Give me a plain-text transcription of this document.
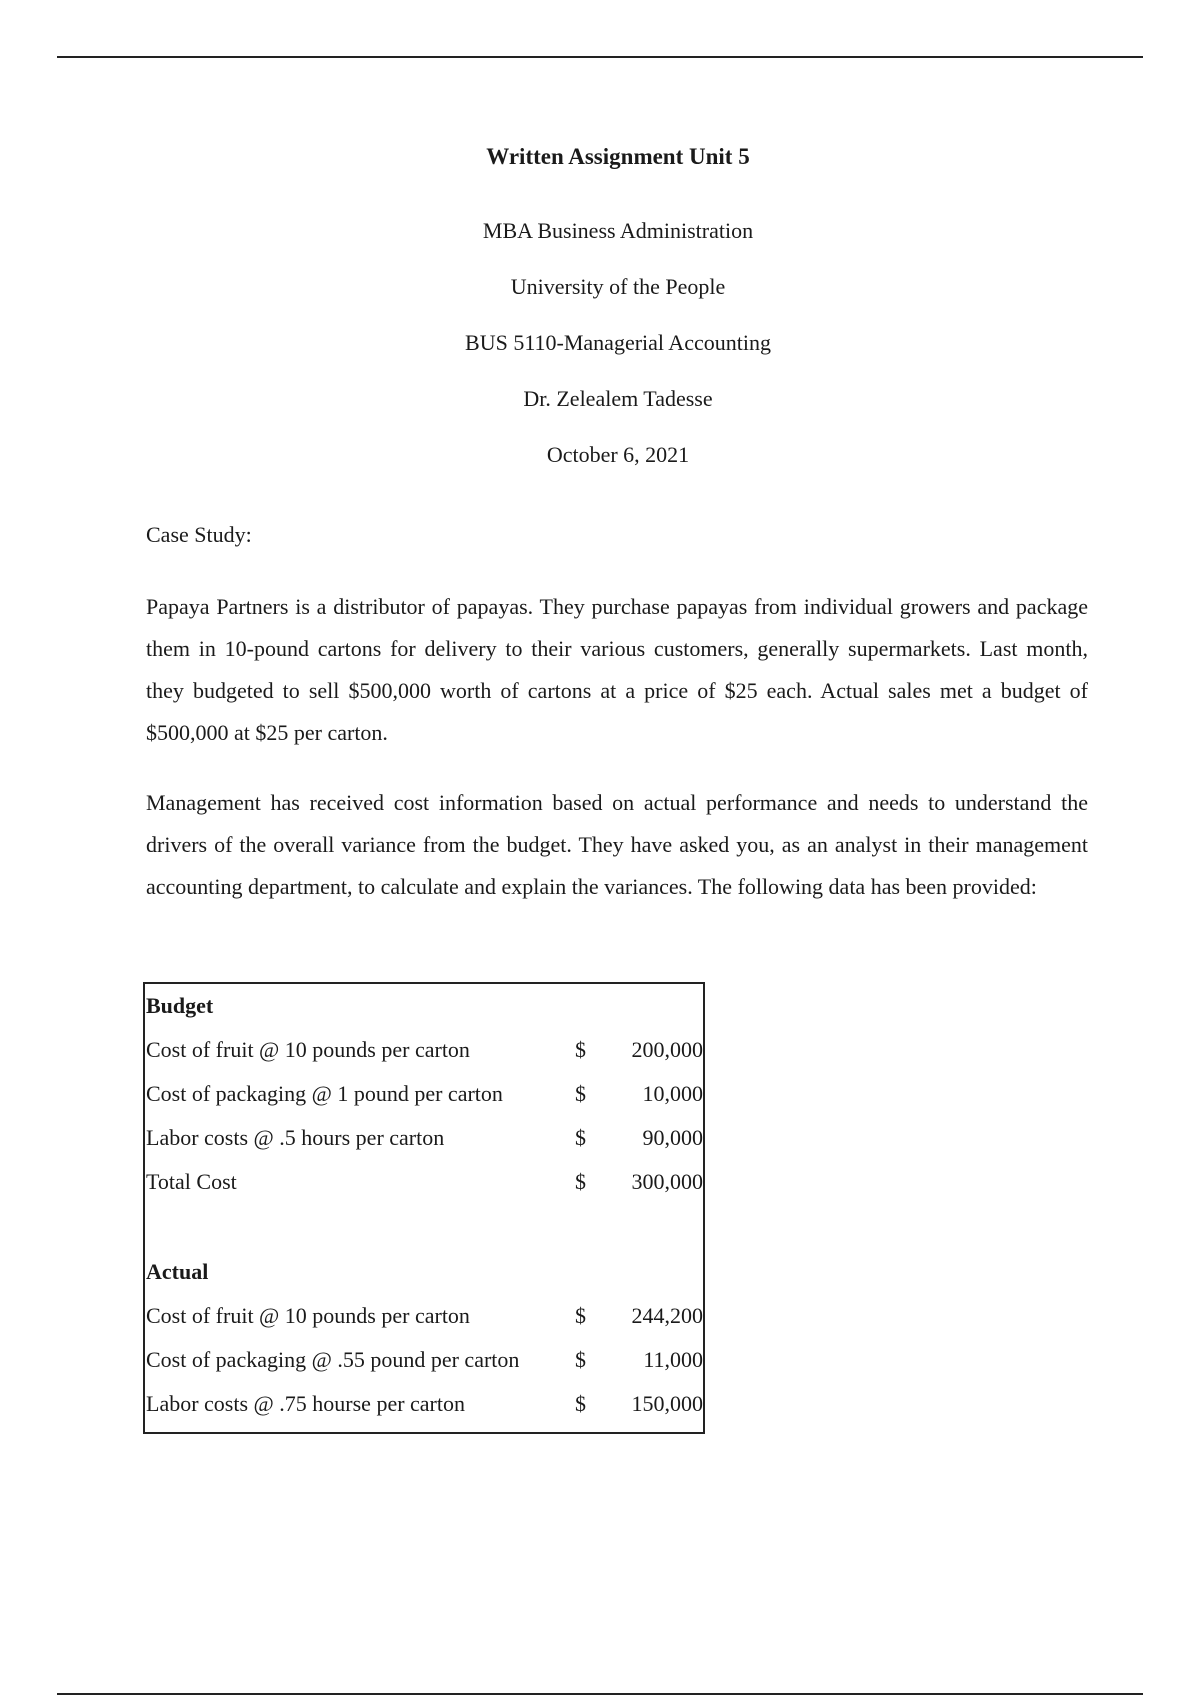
Written Assignment Unit 5

MBA Business Administration

University of the People

BUS 5110-Managerial Accounting

Dr. Zelealem Tadesse

October 6, 2021

Case Study:

Papaya Partners is a distributor of papayas. They purchase papayas from individual growers and package them in 10-pound cartons for delivery to their various customers, generally supermarkets. Last month, they budgeted to sell $500,000 worth of cartons at a price of $25 each. Actual sales met a budget of $500,000 at $25 per carton.

Management has received cost information based on actual performance and needs to understand the drivers of the overall variance from the budget. They have asked you, as an analyst in their management accounting department, to calculate and explain the variances. The following data has been provided:

Budget
Cost of fruit @ 10 pounds per carton	$ 200,000
Cost of packaging @ 1 pound per carton	$	10,000
Labor costs @ .5 hours per carton	$	90,000
Total Cost	$ 300,000
Actual
Cost of fruit @ 10 pounds per carton	$ 244,200
Cost of packaging @ .55 pound per carton	$	11,000
Labor costs @ .75 hourse per carton	$ 150,000
